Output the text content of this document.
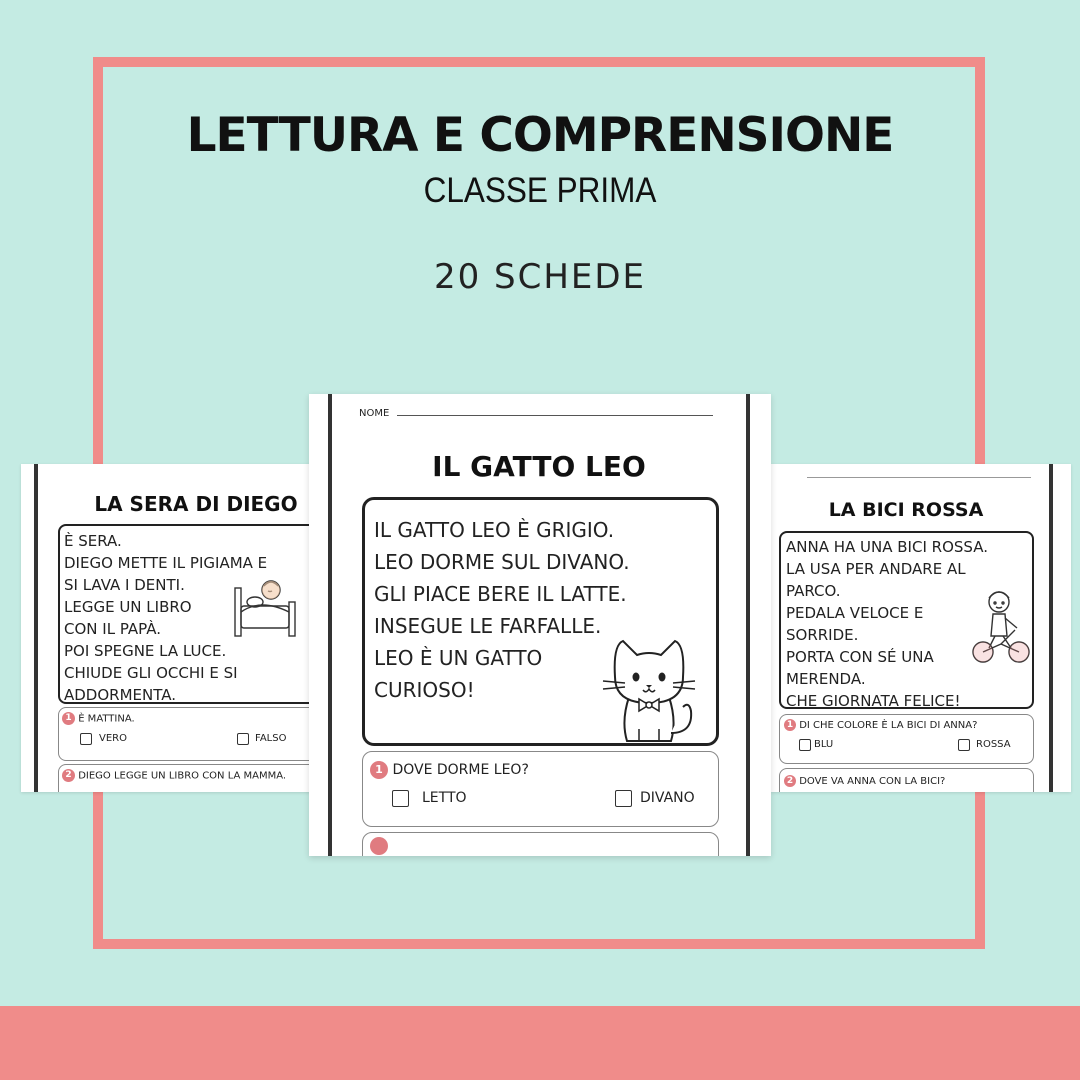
LETTURA E COMPRENSIONE
CLASSE PRIMA
20 SCHEDE
LA SERA DI DIEGO
È SERA.
DIEGO METTE IL PIGIAMA E
SI LAVA I DENTI.
LEGGE UN LIBRO
CON IL PAPÀ.
POI SPEGNE LA LUCE.
CHIUDE GLI OCCHI E SI
ADDORMENTA.
1 È MATTINA.
VERO	FALSO
2 DIEGO LEGGE UN LIBRO CON LA MAMMA.
LA BICI ROSSA
ANNA HA UNA BICI ROSSA.
LA USA PER ANDARE AL
PARCO.
PEDALA VELOCE E
SORRIDE.
PORTA CON SÉ UNA
MERENDA.
CHE GIORNATA FELICE!
1 DI CHE COLORE È LA BICI DI ANNA?
BLU	ROSSA
2 DOVE VA ANNA CON LA BICI?
NOME
IL GATTO LEO
IL GATTO LEO È GRIGIO.
LEO DORME SUL DIVANO.
GLI PIACE BERE IL LATTE.
INSEGUE LE FARFALLE.
LEO È UN GATTO
CURIOSO!
1 DOVE DORME LEO?
LETTO	DIVANO
